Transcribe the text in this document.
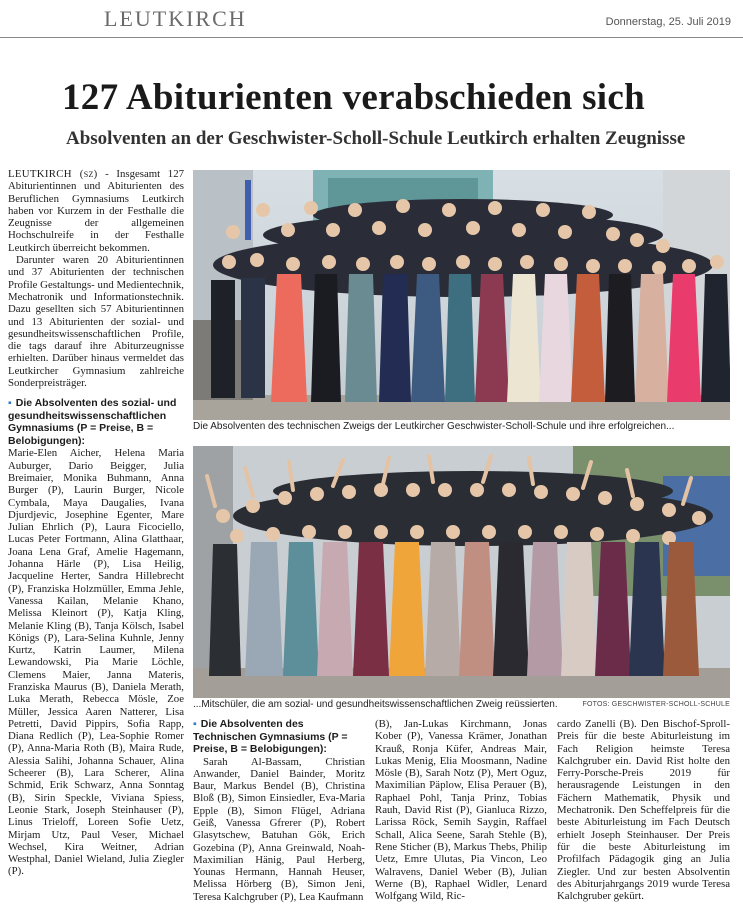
LEUTKIRCH	Donnerstag, 25. Juli 2019
127 Abiturienten verabschieden sich
Absolventen an der Geschwister-Scholl-Schule Leutkirch erhalten Zeugnisse

LEUTKIRCH (sz) - Insgesamt 127 Abiturientinnen und Abiturienten des Beruflichen Gymnasiums Leutkirch haben vor Kurzem in der Festhalle die Zeugnisse der allgemeinen Hochschulreife in der Festhalle Leutkirch überreicht bekommen.

Darunter waren 20 Abiturientinnen und 37 Abiturienten der technischen Profile Gestaltungs- und Medientechnik, Mechatronik und Informationstechnik. Dazu gesellten sich 57 Abiturientinnen und 13 Abiturienten der sozial- und gesundheitswissenschaftlichen Profile, die tags darauf ihre Abiturzeugnisse erhielten. Darüber hinaus vermeldet das Leutkircher Gymnasium zahlreiche Sonderpreisträger.

▪ Die Absolventen des sozial- und gesundheitswissenschaftlichen Gymnasiums (P = Preise, B = Belobigungen):

Marie-Elen Aicher, Helena Maria Auburger, Dario Beigger, Julia Breimaier, Monika Buhmann, Anna Burger (P), Laurin Burger, Nicole Cymbala, Maya Daugalies, Ivana Djurdjevic, Josephine Egenter, Mare Julian Ehrlich (P), Laura Ficociello, Lucas Peter Fortmann, Alina Glatthaar, Joana Lena Graf, Amelie Hagemann, Johanna Härle (P), Lisa Heilig, Jacqueline Herter, Sandra Hillebrecht (P), Franziska Holzmüller, Emma Jehle, Vanessa Kailan, Melanie Khano, Melissa Kleinort (P), Katja Kling, Melanie Kling (B), Tanja Kölsch, Isabel Königs (P), Lara-Selina Kuhnle, Jenny Kurtz, Katrin Laumer, Milena Lewandowski, Pia Marie Löchle, Clemens Maier, Janna Materis, Franziska Maurus (B), Daniela Merath, Luka Merath, Rebecca Mösle, Zoe Müller, Jessica Aaren Natterer, Lisa Petretti, David Pippirs, Sofia Rapp, Diana Redlich (P), Lea-Sophie Romer (P), Anna-Maria Roth (B), Maira Rude, Alessia Salihi, Johanna Schauer, Alina Scheerer (B), Lara Scherer, Alina Schmid, Erik Schwarz, Anna Sonntag (B), Sirin Speckle, Viviana Spiess, Leonie Stark, Joseph Steinhauser (P), Linus Trieloff, Loreen Sofie Uetz, Mirjam Utz, Paul Veser, Michael Wechsel, Kira Weitner, Adrian Westphal, Daniel Wieland, Julia Ziegler (P).

Die Absolventen des technischen Zweigs der Leutkircher Geschwister-Scholl-Schule und ihre erfolgreichen...
...Mitschüler, die am sozial- und gesundheitswissenschaftlichen Zweig reüssierten.	FOTOS: GESCHWISTER-SCHOLL-SCHULE
▪ Die Absolventen des Technischen Gymnasiums (P = Preise, B = Belobigungen):

Sarah Al-Bassam, Christian Anwander, Daniel Bainder, Moritz Baur, Markus Bendel (B), Christina Bloß (B), Simon Einsiedler, Eva-Maria Epple (B), Simon Flügel, Adriana Geiß, Vanessa Gfrerer (P), Robert Glasytschew, Batuhan Gök, Erich Gozebina (P), Anna Greinwald, Noah-Maximilian Hänig, Paul Herberg, Younas Hermann, Hannah Heuser, Melissa Hörberg (B), Simon Jeni, Teresa Kalchgruber (P), Lea Kaufmann

(B), Jan-Lukas Kirchmann, Jonas Kober (P), Vanessa Krämer, Jonathan Krauß, Ronja Küfer, Andreas Mair, Lukas Menig, Elia Moosmann, Nadine Mösle (B), Sarah Notz (P), Mert Oguz, Maximilian Päplow, Elisa Perauer (B), Raphael Pohl, Tanja Prinz, Tobias Rauh, David Rist (P), Gianluca Rizzo, Larissa Röck, Semih Saygin, Raffael Schall, Alica Seene, Sarah Stehle (B), Rene Sticher (B), Markus Thebs, Philip Uetz, Emre Ulutas, Pia Vincon, Leo Walravens, Daniel Weber (B), Julian Werne (B), Raphael Widler, Lenard Wolfgang Wild, Ric-

cardo Zanelli (B). Den Bischof-Sproll-Preis für die beste Abiturleistung im Fach Religion heimste Teresa Kalchgruber ein. David Rist holte den Ferry-Porsche-Preis 2019 für herausragende Leistungen in den Fächern Mathematik, Physik und Mechatronik. Den Scheffelpreis für die beste Abiturleistung im Fach Deutsch erhielt Joseph Steinhauser. Der Preis für die beste Abiturleistung im Profilfach Pädagogik ging an Julia Ziegler. Und zur besten Absolventin des Abiturjahrgangs 2019 wurde Teresa Kalchgruber gekürt.
